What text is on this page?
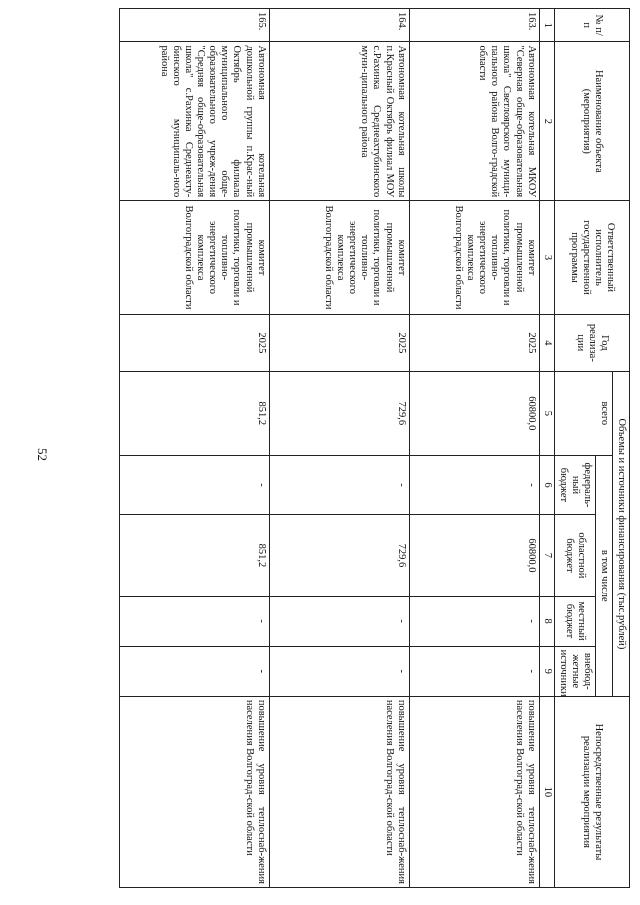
52
№ п/п	Наименование объекта (мероприятия)	Ответственный исполнитель государственной программы	Год реализа-ции	Объемы и источники финансирования (тыс.рублей)					Непосредственные результаты реализации мероприятия
				всего	в том числе				
					федераль-ный бюджет	областной бюджет	местный бюджет	внебюд-жетные источники	
1	2	3	4	5	6	7	8	9	10
163.	Автономная котельная МКОУ "Северная обще-образовательная школа" Светлоярского муници-пального района Волго-градской области	комитет промышленной политики, торговли и топливно-энергетического комплекса Волгоградской области	2025	60800,0	-	60800,0	-	-	повышение уровня теплоснаб-жения населения Волгоград-ской области
164.	Автономная котельная школы п.Красный Октябрь филиал МОУ с.Рахинка Среднеахтубинского муни-ципального района	комитет промышленной политики, торговли и топливно-энергетического комплекса Волгоградской области	2025	729,6	-	729,6	-	-	повышение уровня теплоснаб-жения населения Волгоград-ской области
165.	Автономная котельная дошкольной группы п.Крас-ный Октябрь филиала муниципального обще-образовательного учреж-дения "Средняя обще-образовательная школа" с.Рахинка Среднеахту-бинского муниципаль-ного района	комитет промышленной политики, торговли и топливно-энергетического комплекса Волгоградской области	2025	851,2	-	851,2	-	-	повышение уровня теплоснаб-жения населения Волгоград-ской области
